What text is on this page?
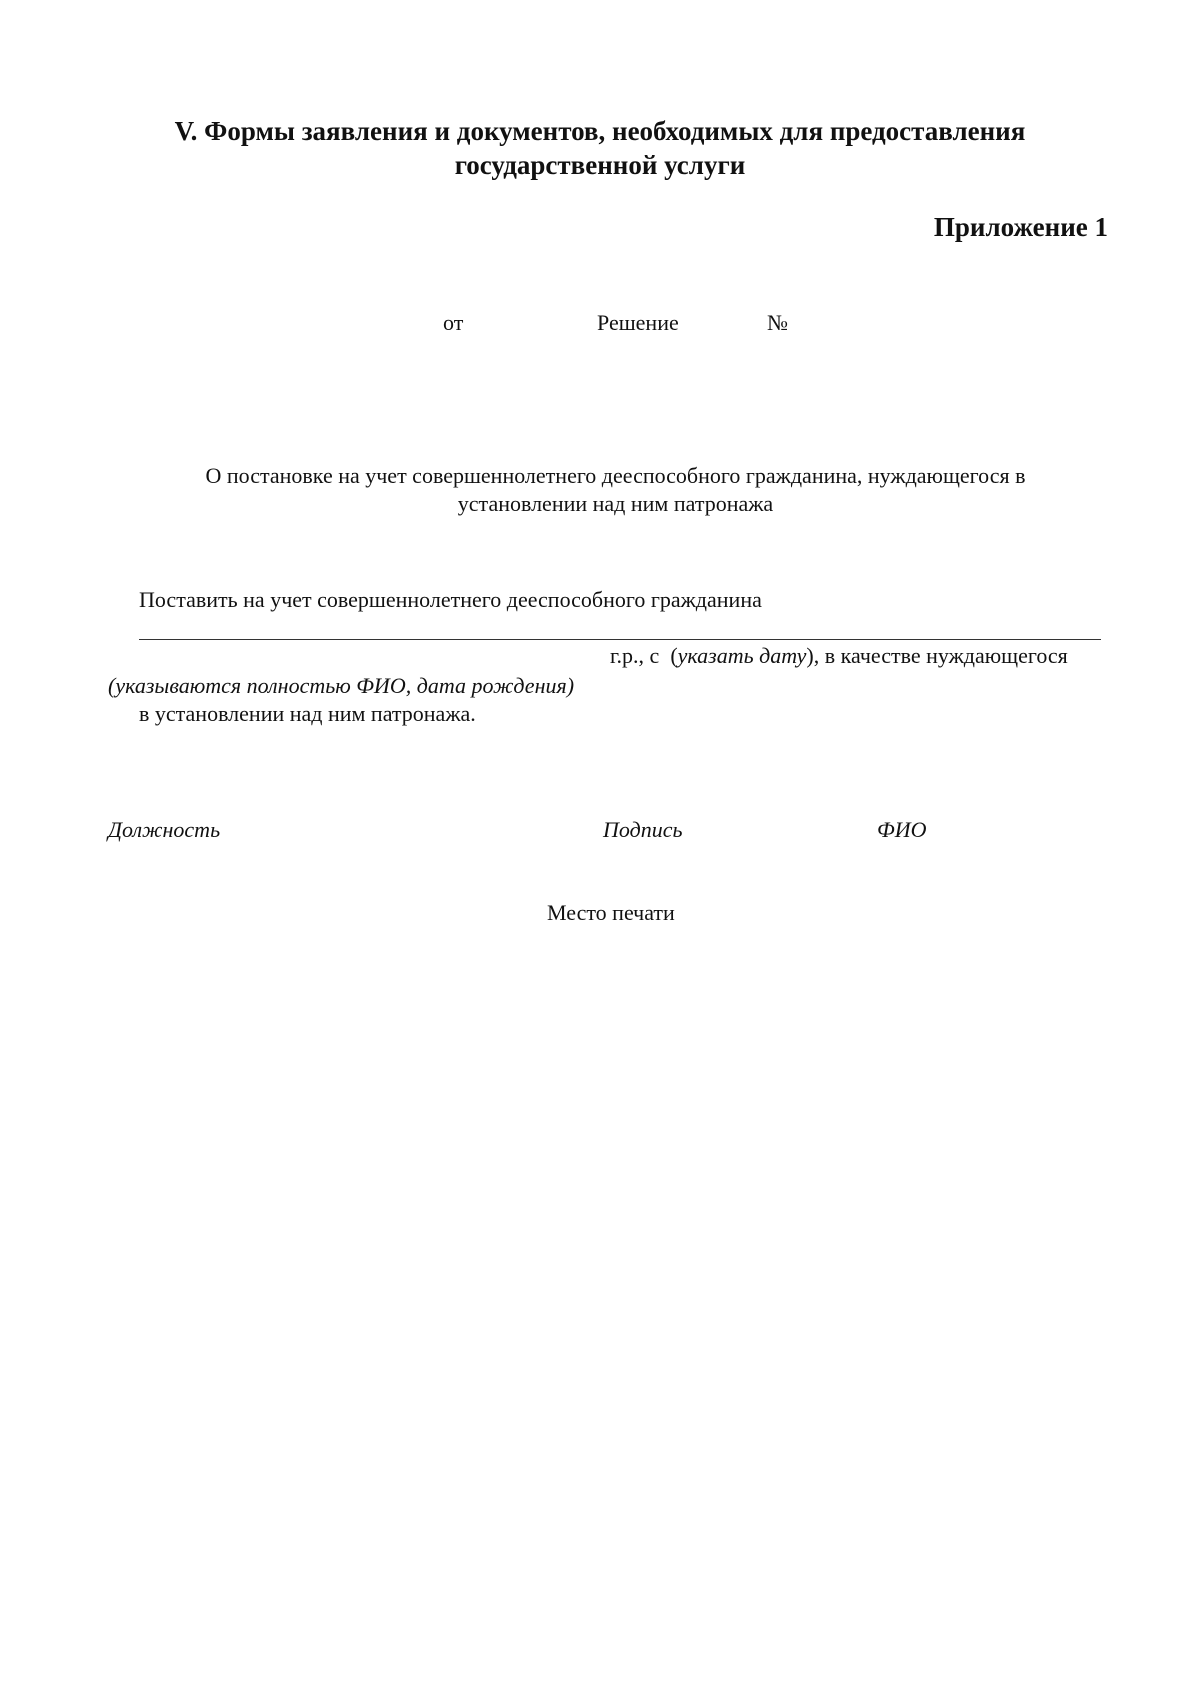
V. Формы заявления и документов, необходимых для предоставления
государственной услуги
Приложение 1
от	Решение	№
О постановке на учет совершеннолетнего дееспособного гражданина, нуждающегося в
установлении над ним патронажа
Поставить на учет совершеннолетнего дееспособного гражданина
г.р., с  (указать дату), в качестве нуждающегося
(указываются полностью ФИО, дата рождения)
в установлении над ним патронажа.
Должность	Подпись	ФИО
Место печати
